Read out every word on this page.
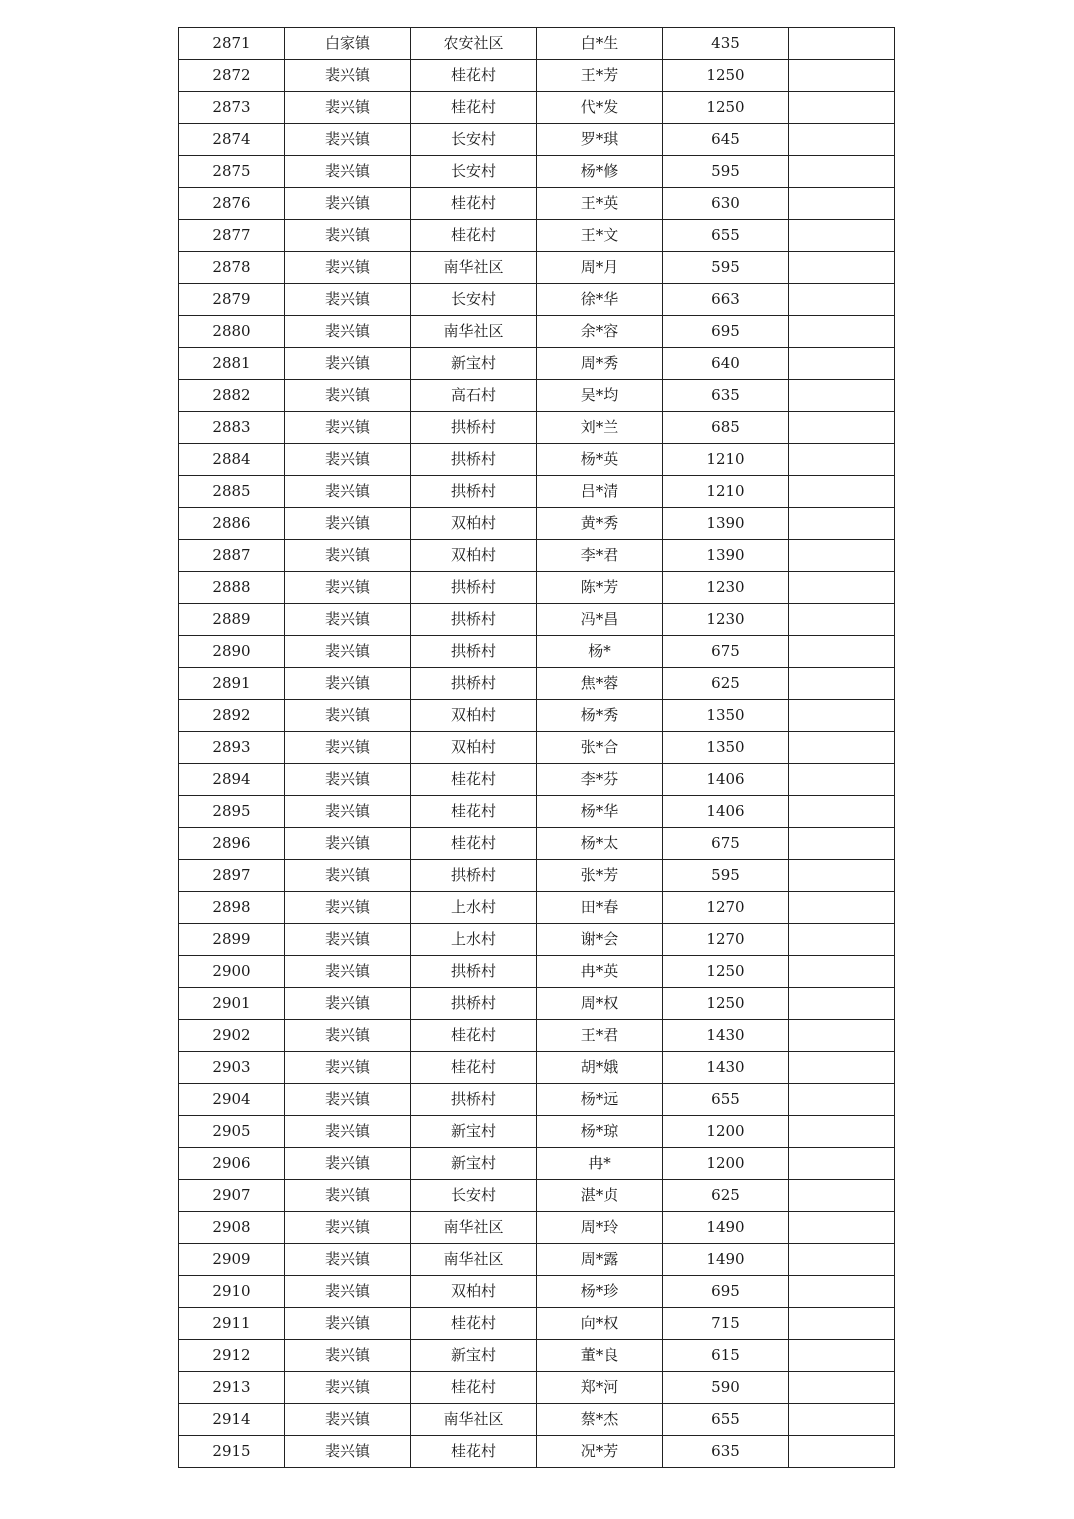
2871	白家镇	农安社区	白*生	435	
2872	裴兴镇	桂花村	王*芳	1250	
2873	裴兴镇	桂花村	代*发	1250	
2874	裴兴镇	长安村	罗*琪	645	
2875	裴兴镇	长安村	杨*修	595	
2876	裴兴镇	桂花村	王*英	630	
2877	裴兴镇	桂花村	王*文	655	
2878	裴兴镇	南华社区	周*月	595	
2879	裴兴镇	长安村	徐*华	663	
2880	裴兴镇	南华社区	余*容	695	
2881	裴兴镇	新宝村	周*秀	640	
2882	裴兴镇	高石村	吴*均	635	
2883	裴兴镇	拱桥村	刘*兰	685	
2884	裴兴镇	拱桥村	杨*英	1210	
2885	裴兴镇	拱桥村	吕*清	1210	
2886	裴兴镇	双柏村	黄*秀	1390	
2887	裴兴镇	双柏村	李*君	1390	
2888	裴兴镇	拱桥村	陈*芳	1230	
2889	裴兴镇	拱桥村	冯*昌	1230	
2890	裴兴镇	拱桥村	杨*	675	
2891	裴兴镇	拱桥村	焦*蓉	625	
2892	裴兴镇	双柏村	杨*秀	1350	
2893	裴兴镇	双柏村	张*合	1350	
2894	裴兴镇	桂花村	李*芬	1406	
2895	裴兴镇	桂花村	杨*华	1406	
2896	裴兴镇	桂花村	杨*太	675	
2897	裴兴镇	拱桥村	张*芳	595	
2898	裴兴镇	上水村	田*春	1270	
2899	裴兴镇	上水村	谢*会	1270	
2900	裴兴镇	拱桥村	冉*英	1250	
2901	裴兴镇	拱桥村	周*权	1250	
2902	裴兴镇	桂花村	王*君	1430	
2903	裴兴镇	桂花村	胡*娥	1430	
2904	裴兴镇	拱桥村	杨*远	655	
2905	裴兴镇	新宝村	杨*琼	1200	
2906	裴兴镇	新宝村	冉*	1200	
2907	裴兴镇	长安村	湛*贞	625	
2908	裴兴镇	南华社区	周*玲	1490	
2909	裴兴镇	南华社区	周*露	1490	
2910	裴兴镇	双柏村	杨*珍	695	
2911	裴兴镇	桂花村	向*权	715	
2912	裴兴镇	新宝村	董*良	615	
2913	裴兴镇	桂花村	郑*河	590	
2914	裴兴镇	南华社区	蔡*杰	655	
2915	裴兴镇	桂花村	况*芳	635	
